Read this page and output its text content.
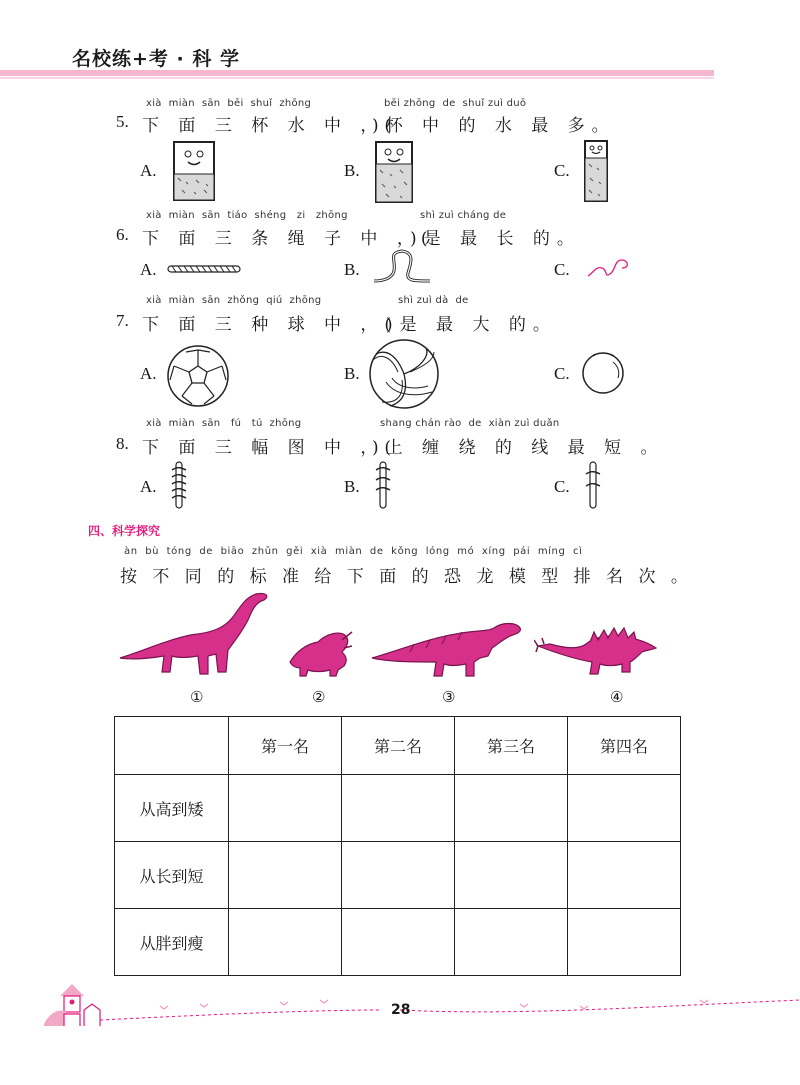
名校练+考 · 科 学
xià  miàn  sān  bēi  shuǐ  zhōng	bēi zhōng  de  shuǐ zuì duō
5. 下 面 三 杯 水 中 ，(
)杯 中 的 水 最 多。
A.	B.	C.
xià  miàn  sān  tiáo  shéng   zi   zhōng	shì zuì cháng de
6. 下 面 三 条 绳 子 中 ，(
)是 最 长 的。
A.	B.	C.
xià  miàn  sān  zhǒng  qiú  zhōng	shì zuì dà  de
7. 下 面 三 种 球 中 ，(
)是 最 大 的。
A.	B.	C.
xià  miàn  sān   fú   tú  zhōng	shang chán rào  de  xiàn zuì duǎn
8. 下 面 三 幅 图 中 ，(
)上 缠 绕 的 线 最 短 。
A.	B.	C.
四、科学探究
àn  bù  tóng  de  biāo  zhǔn  gěi  xià  miàn  de  kǒng  lóng  mó  xíng  pái  míng  cì
按 不 同 的 标 准 给 下 面 的 恐 龙 模 型 排 名 次 。
①	②	③	④
	第一名	第二名	第三名	第四名
从高到矮				
从长到短				
从胖到瘦				
28
